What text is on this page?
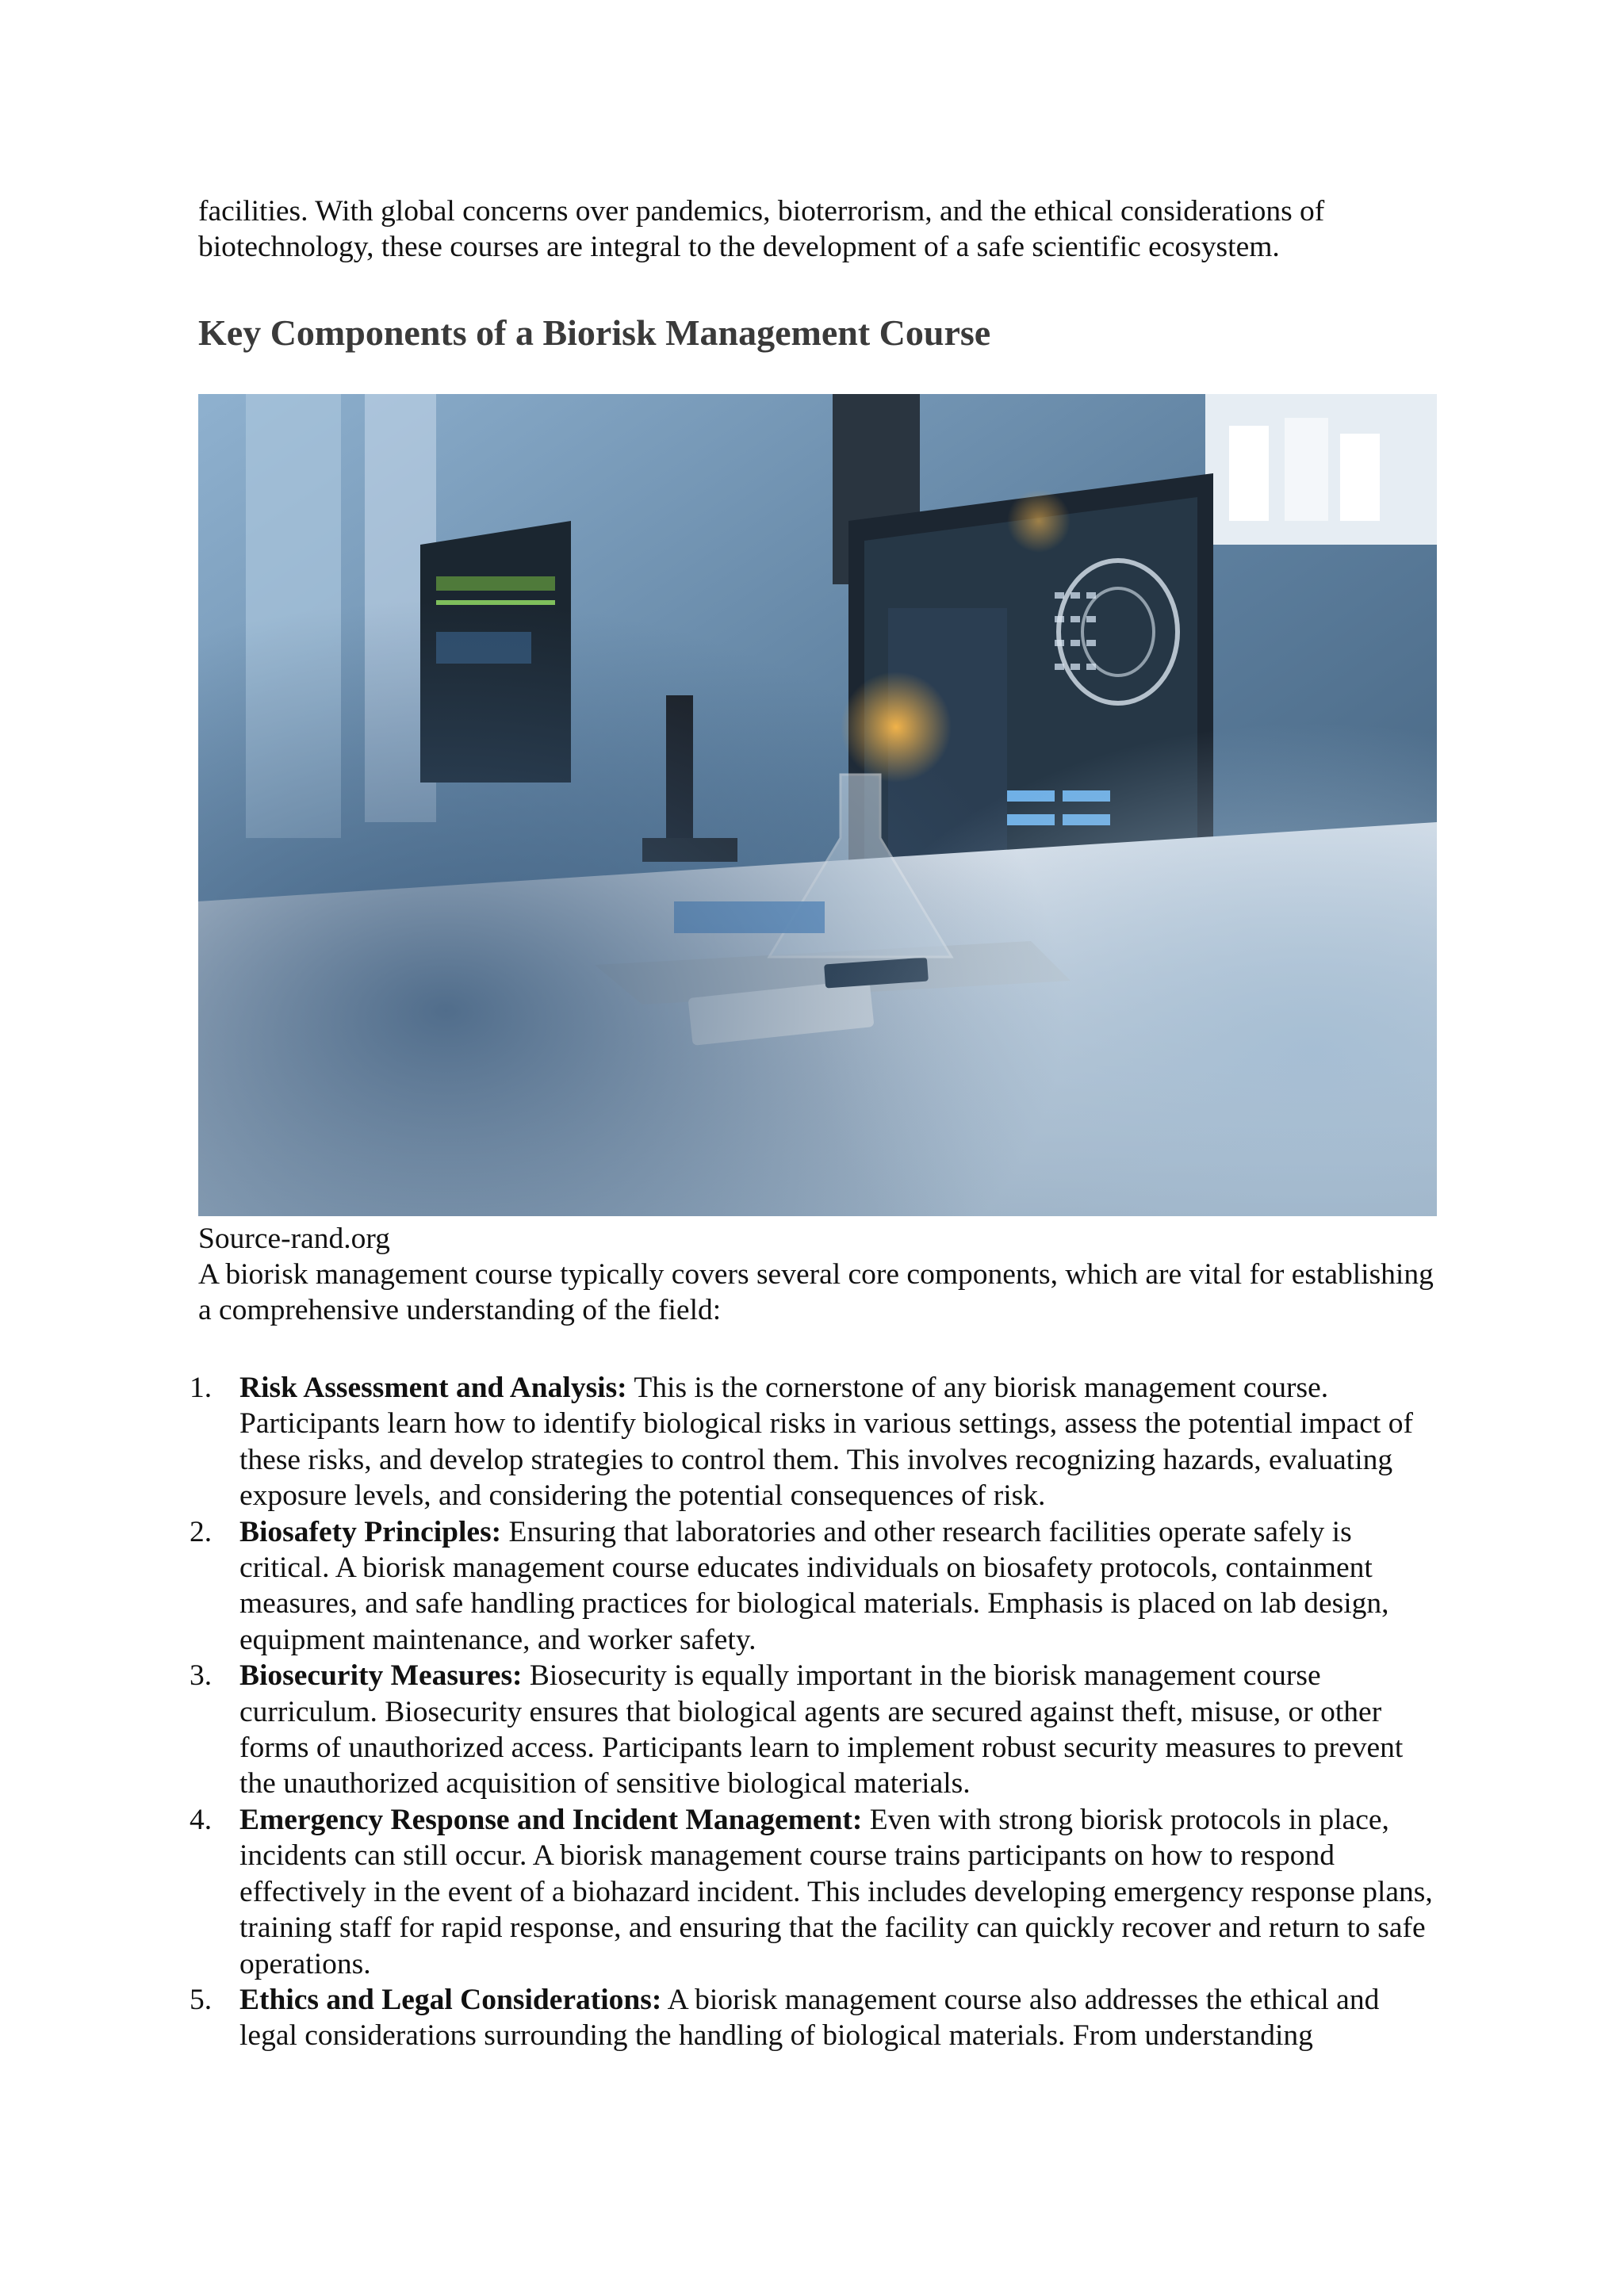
facilities. With global concerns over pandemics, bioterrorism, and the ethical considerations of biotechnology, these courses are integral to the development of a safe scientific ecosystem.

Key Components of a Biorisk Management Course

Source-rand.org

A biorisk management course typically covers several core components, which are vital for establishing a comprehensive understanding of the field:

1. Risk Assessment and Analysis: This is the cornerstone of any biorisk management course. Participants learn how to identify biological risks in various settings, assess the potential impact of these risks, and develop strategies to control them. This involves recognizing hazards, evaluating exposure levels, and considering the potential consequences of risk.
2. Biosafety Principles: Ensuring that laboratories and other research facilities operate safely is critical. A biorisk management course educates individuals on biosafety protocols, containment measures, and safe handling practices for biological materials. Emphasis is placed on lab design, equipment maintenance, and worker safety.
3. Biosecurity Measures: Biosecurity is equally important in the biorisk management course curriculum. Biosecurity ensures that biological agents are secured against theft, misuse, or other forms of unauthorized access. Participants learn to implement robust security measures to prevent the unauthorized acquisition of sensitive biological materials.
4. Emergency Response and Incident Management: Even with strong biorisk protocols in place, incidents can still occur. A biorisk management course trains participants on how to respond effectively in the event of a biohazard incident. This includes developing emergency response plans, training staff for rapid response, and ensuring that the facility can quickly recover and return to safe operations.
5. Ethics and Legal Considerations: A biorisk management course also addresses the ethical and legal considerations surrounding the handling of biological materials. From understanding
